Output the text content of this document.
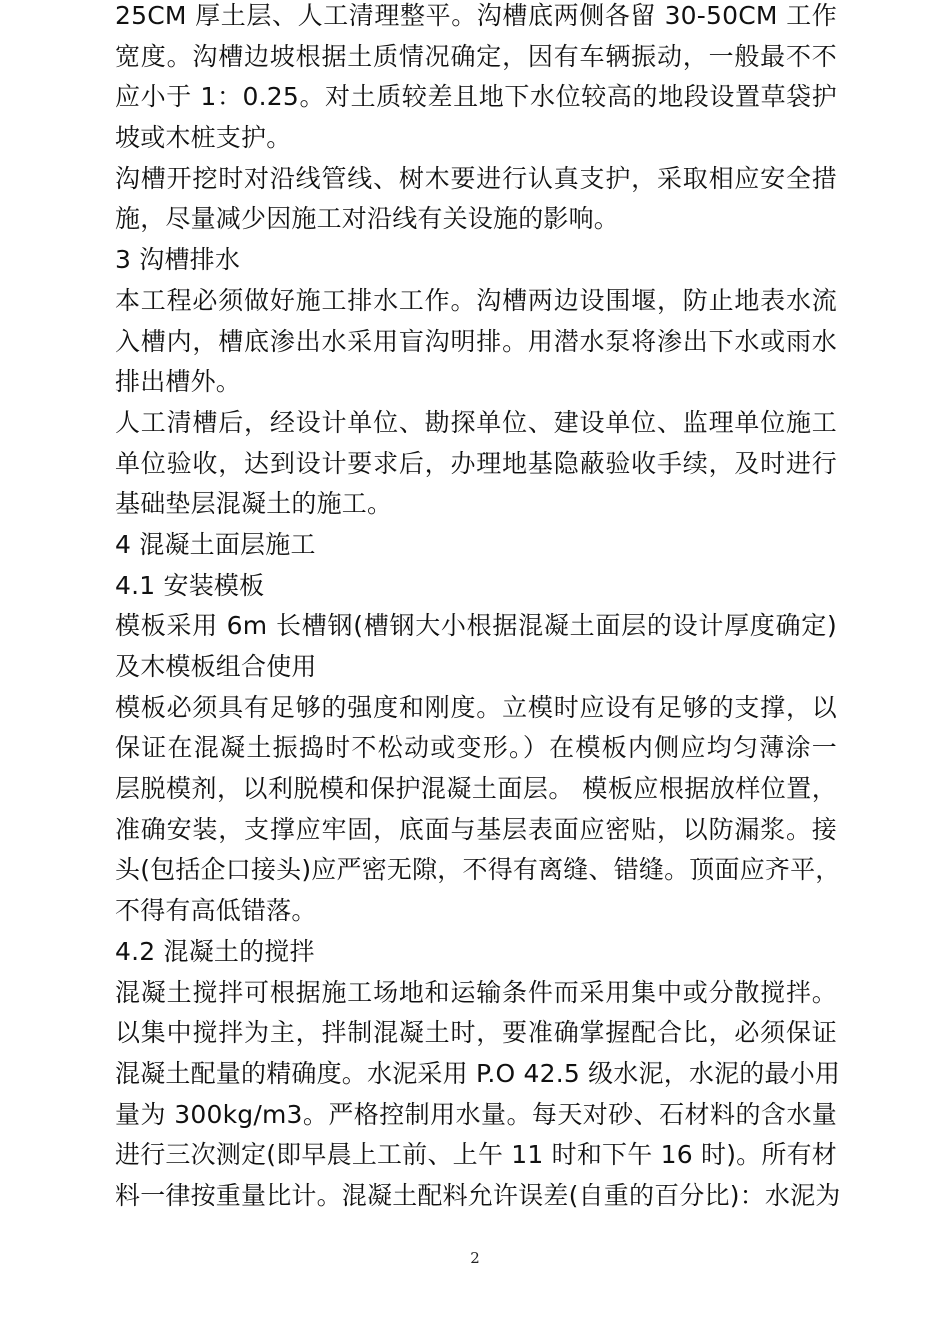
25CM 厚土层、人工清理整平。沟槽底两侧各留 30-50CM 工作
宽度。沟槽边坡根据土质情况确定，因有车辆振动，一般最不不
应小于 1：0.25。对土质较差且地下水位较高的地段设置草袋护
坡或木桩支护。
沟槽开挖时对沿线管线、树木要进行认真支护，采取相应安全措
施，尽量减少因施工对沿线有关设施的影响。
3 沟槽排水
本工程必须做好施工排水工作。沟槽两边设围堰，防止地表水流
入槽内，槽底渗出水采用盲沟明排。用潜水泵将渗出下水或雨水
排出槽外。
人工清槽后，经设计单位、勘探单位、建设单位、监理单位施工
单位验收，达到设计要求后，办理地基隐蔽验收手续，及时进行
基础垫层混凝土的施工。
4 混凝土面层施工
4.1 安装模板
模板采用 6m 长槽钢(槽钢大小根据混凝土面层的设计厚度确定)
及木模板组合使用
模板必须具有足够的强度和刚度。立模时应设有足够的支撑，以
保证在混凝土振捣时不松动或变形。）在模板内侧应均匀薄涂一
层脱模剂，以利脱模和保护混凝土面层。 模板应根据放样位置，
准确安装，支撑应牢固，底面与基层表面应密贴，以防漏浆。接
头(包括企口接头)应严密无隙，不得有离缝、错缝。顶面应齐平，
不得有高低错落。
4.2 混凝土的搅拌
混凝土搅拌可根据施工场地和运输条件而采用集中或分散搅拌。
以集中搅拌为主，拌制混凝土时，要准确掌握配合比，必须保证
混凝土配量的精确度。水泥采用 P.O 42.5 级水泥，水泥的最小用
量为 300kg/m3。严格控制用水量。每天对砂、石材料的含水量
进行三次测定(即早晨上工前、上午 11 时和下午 16 时)。所有材
料一律按重量比计。混凝土配料允许误差(自重的百分比)：水泥为
2
